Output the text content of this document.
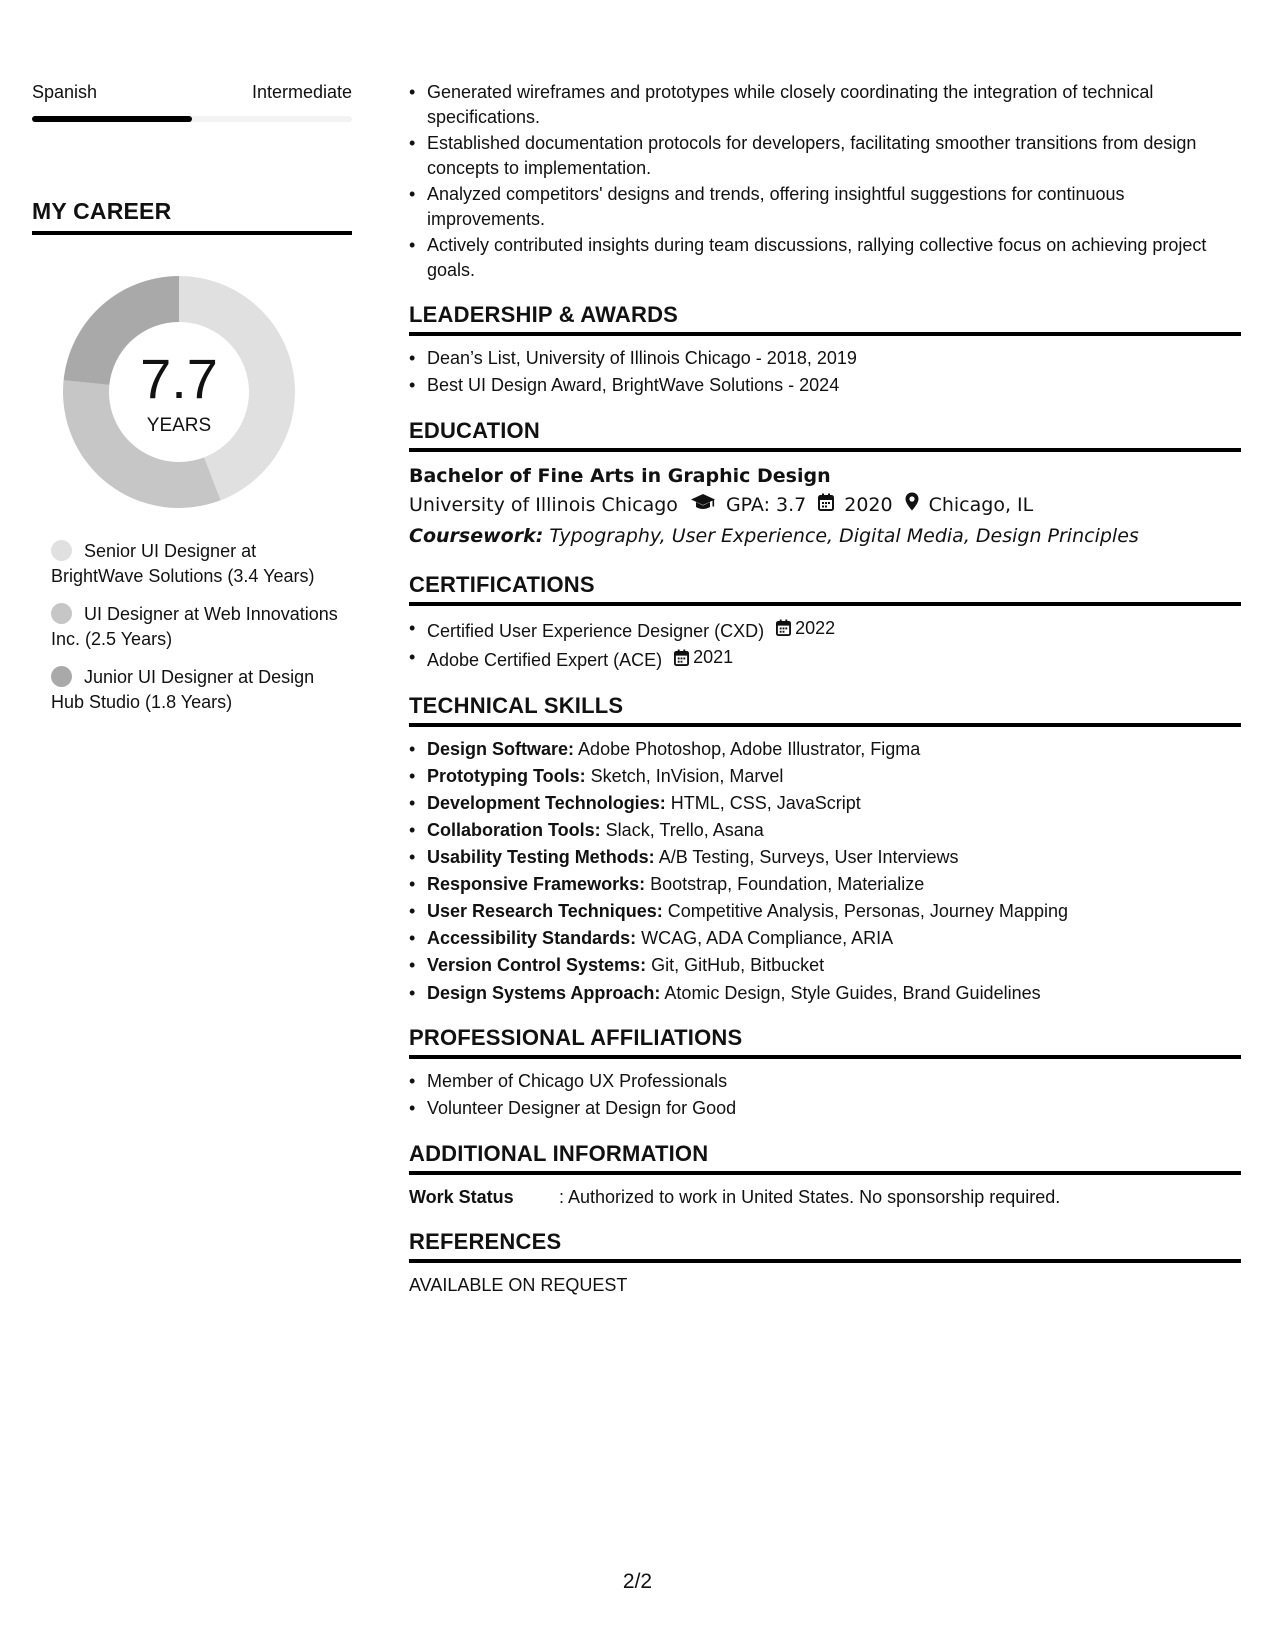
Spanish	Intermediate
MY CAREER
7.7
YEARS
Senior UI Designer at BrightWave Solutions (3.4 Years)
UI Designer at Web Innovations Inc. (2.5 Years)
Junior UI Designer at Design Hub Studio (1.8 Years)
• Generated wireframes and prototypes while closely coordinating the integration of technical specifications.
• Established documentation protocols for developers, facilitating smoother transitions from design concepts to implementation.
• Analyzed competitors' designs and trends, offering insightful suggestions for continuous improvements.
• Actively contributed insights during team discussions, rallying collective focus on achieving project goals.
LEADERSHIP & AWARDS
• Dean’s List, University of Illinois Chicago - 2018, 2019
• Best UI Design Award, BrightWave Solutions - 2024
EDUCATION
Bachelor of Fine Arts in Graphic Design
University of Illinois Chicago	GPA: 3.7 2020 Chicago, IL
Coursework: Typography, User Experience, Digital Media, Design Principles
CERTIFICATIONS
• Certified User Experience Designer (CXD) 2022
• Adobe Certified Expert (ACE) 2021
TECHNICAL SKILLS
• Design Software: Adobe Photoshop, Adobe Illustrator, Figma
• Prototyping Tools: Sketch, InVision, Marvel
• Development Technologies: HTML, CSS, JavaScript
• Collaboration Tools: Slack, Trello, Asana
• Usability Testing Methods: A/B Testing, Surveys, User Interviews
• Responsive Frameworks: Bootstrap, Foundation, Materialize
• User Research Techniques: Competitive Analysis, Personas, Journey Mapping
• Accessibility Standards: WCAG, ADA Compliance, ARIA
• Version Control Systems: Git, GitHub, Bitbucket
• Design Systems Approach: Atomic Design, Style Guides, Brand Guidelines
PROFESSIONAL AFFILIATIONS
• Member of Chicago UX Professionals
• Volunteer Designer at Design for Good
ADDITIONAL INFORMATION
Work Status	: Authorized to work in United States. No sponsorship required.
REFERENCES
AVAILABLE ON REQUEST
2/2
